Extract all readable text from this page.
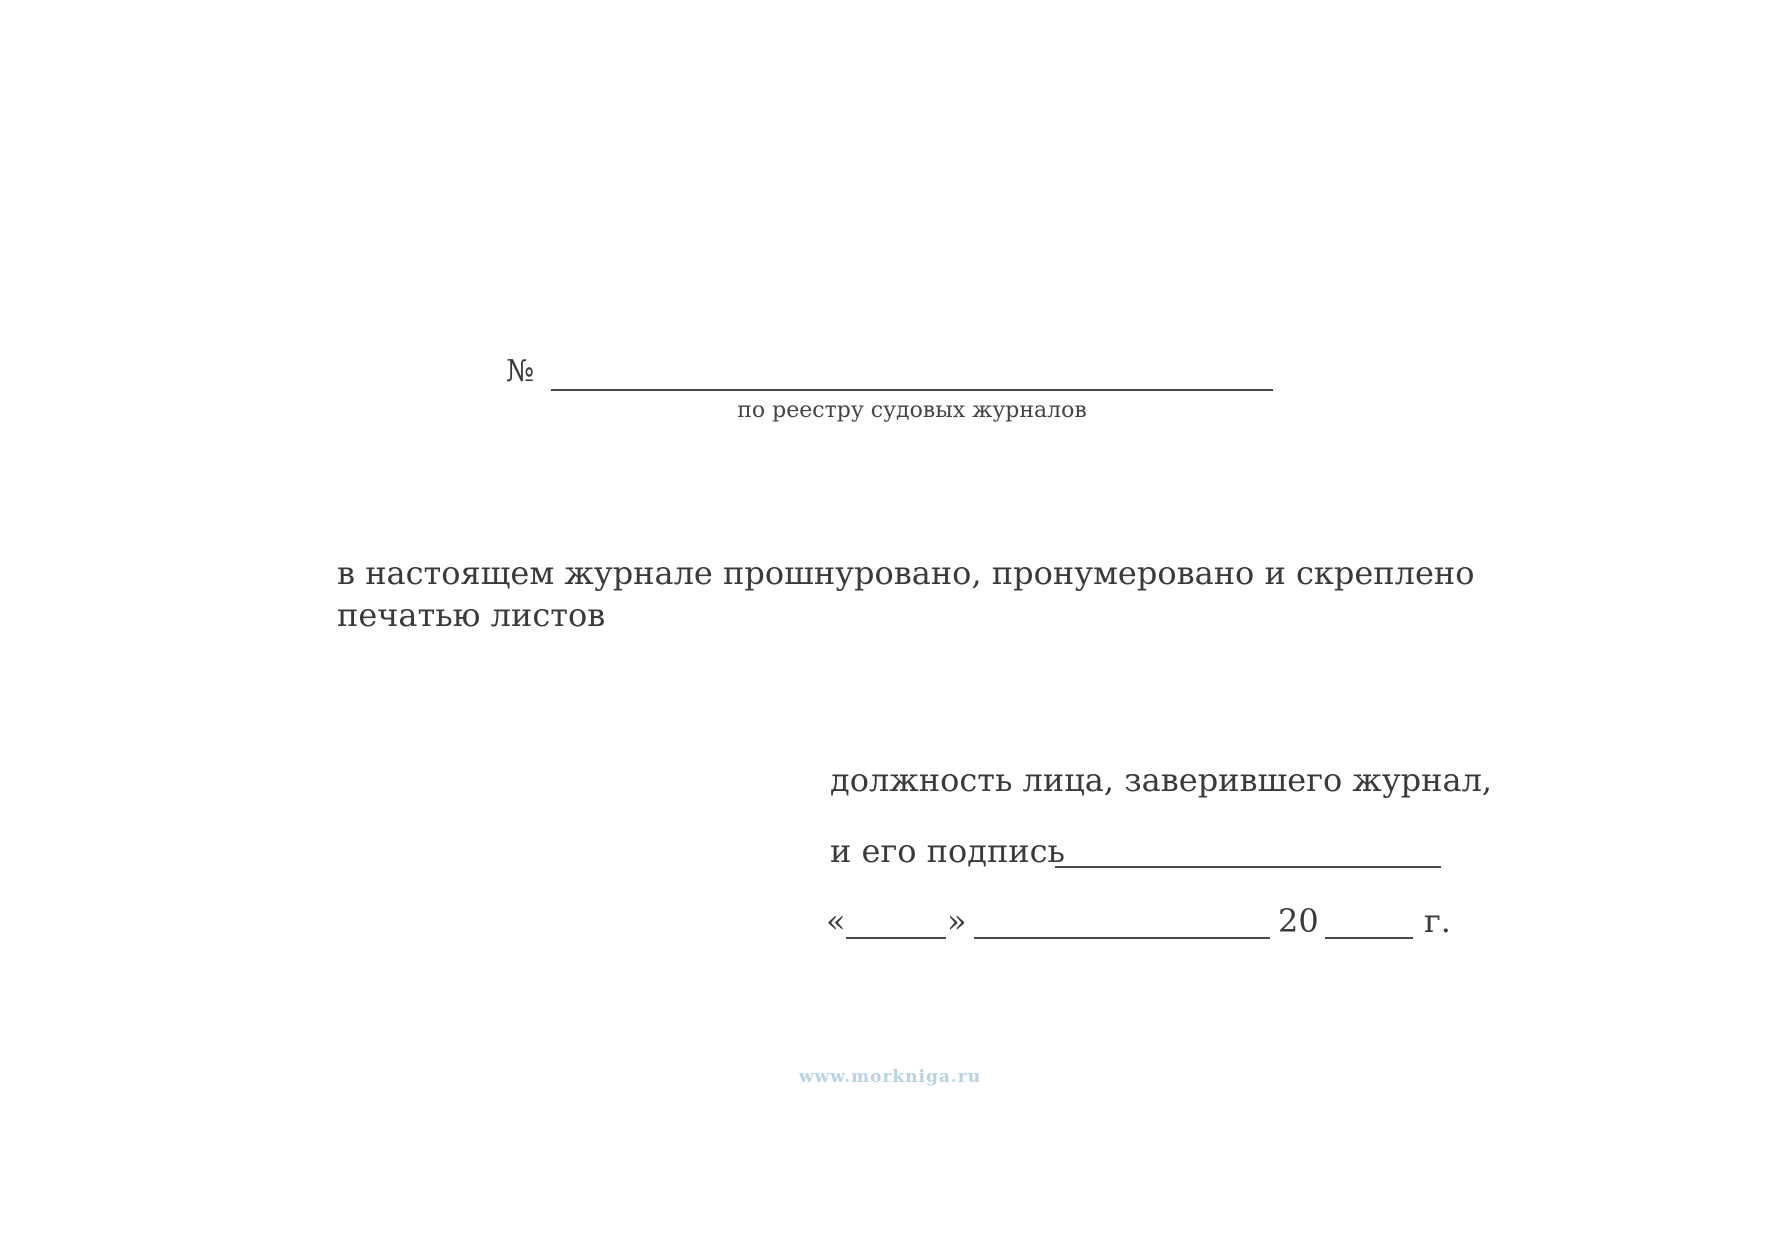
№
по реестру судовых журналов
в настоящем журнале прошнуровано, пронумеровано и скреплено
печатью листов
должность лица, заверившего журнал,
и его подпись
«	»	20	г.
www.morkniga.ru
